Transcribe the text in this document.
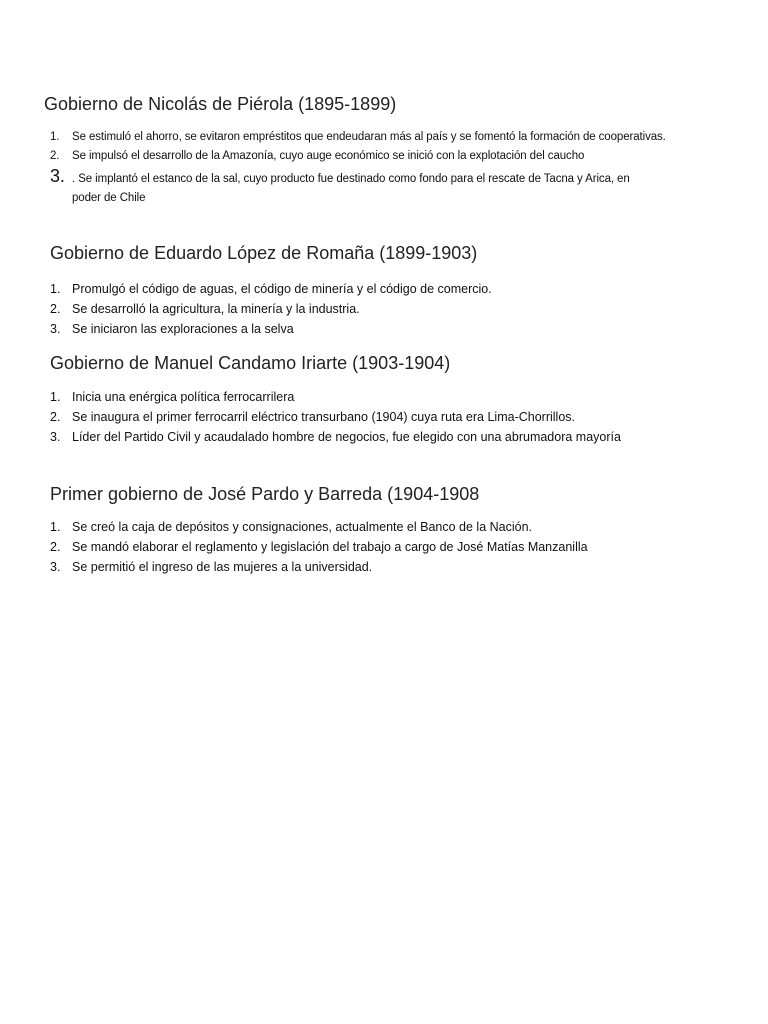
Gobierno de Nicolás de Piérola (1895-1899)
1.	Se estimuló el ahorro, se evitaron empréstitos que endeudaran más al país y se fomentó la formación de cooperativas.
2.	Se impulsó el desarrollo de la Amazonía, cuyo auge económico se inició con la explotación del caucho
3. . Se implantó el estanco de la sal, cuyo producto fue destinado como fondo para el rescate de Tacna y Arica, en poder de Chile
Gobierno de Eduardo López de Romaña (1899-1903)
1. Promulgó el código de aguas, el código de minería y el código de comercio.
2. Se desarrolló la agricultura, la minería y la industria.
3. Se iniciaron las exploraciones a la selva
Gobierno de Manuel Candamo Iriarte (1903-1904)
1. Inicia una enérgica política ferrocarrilera
2. Se inaugura el primer ferrocarril eléctrico transurbano (1904) cuya ruta era Lima-Chorrillos.
3. Líder del Partido Civil y acaudalado hombre de negocios, fue elegido con una abrumadora mayoría
Primer gobierno de José Pardo y Barreda (1904-1908
1. Se creó la caja de depósitos y consignaciones, actualmente el Banco de la Nación.
2. Se mandó elaborar el reglamento y legislación del trabajo a cargo de José Matías Manzanilla
3. Se permitió el ingreso de las mujeres a la universidad.
